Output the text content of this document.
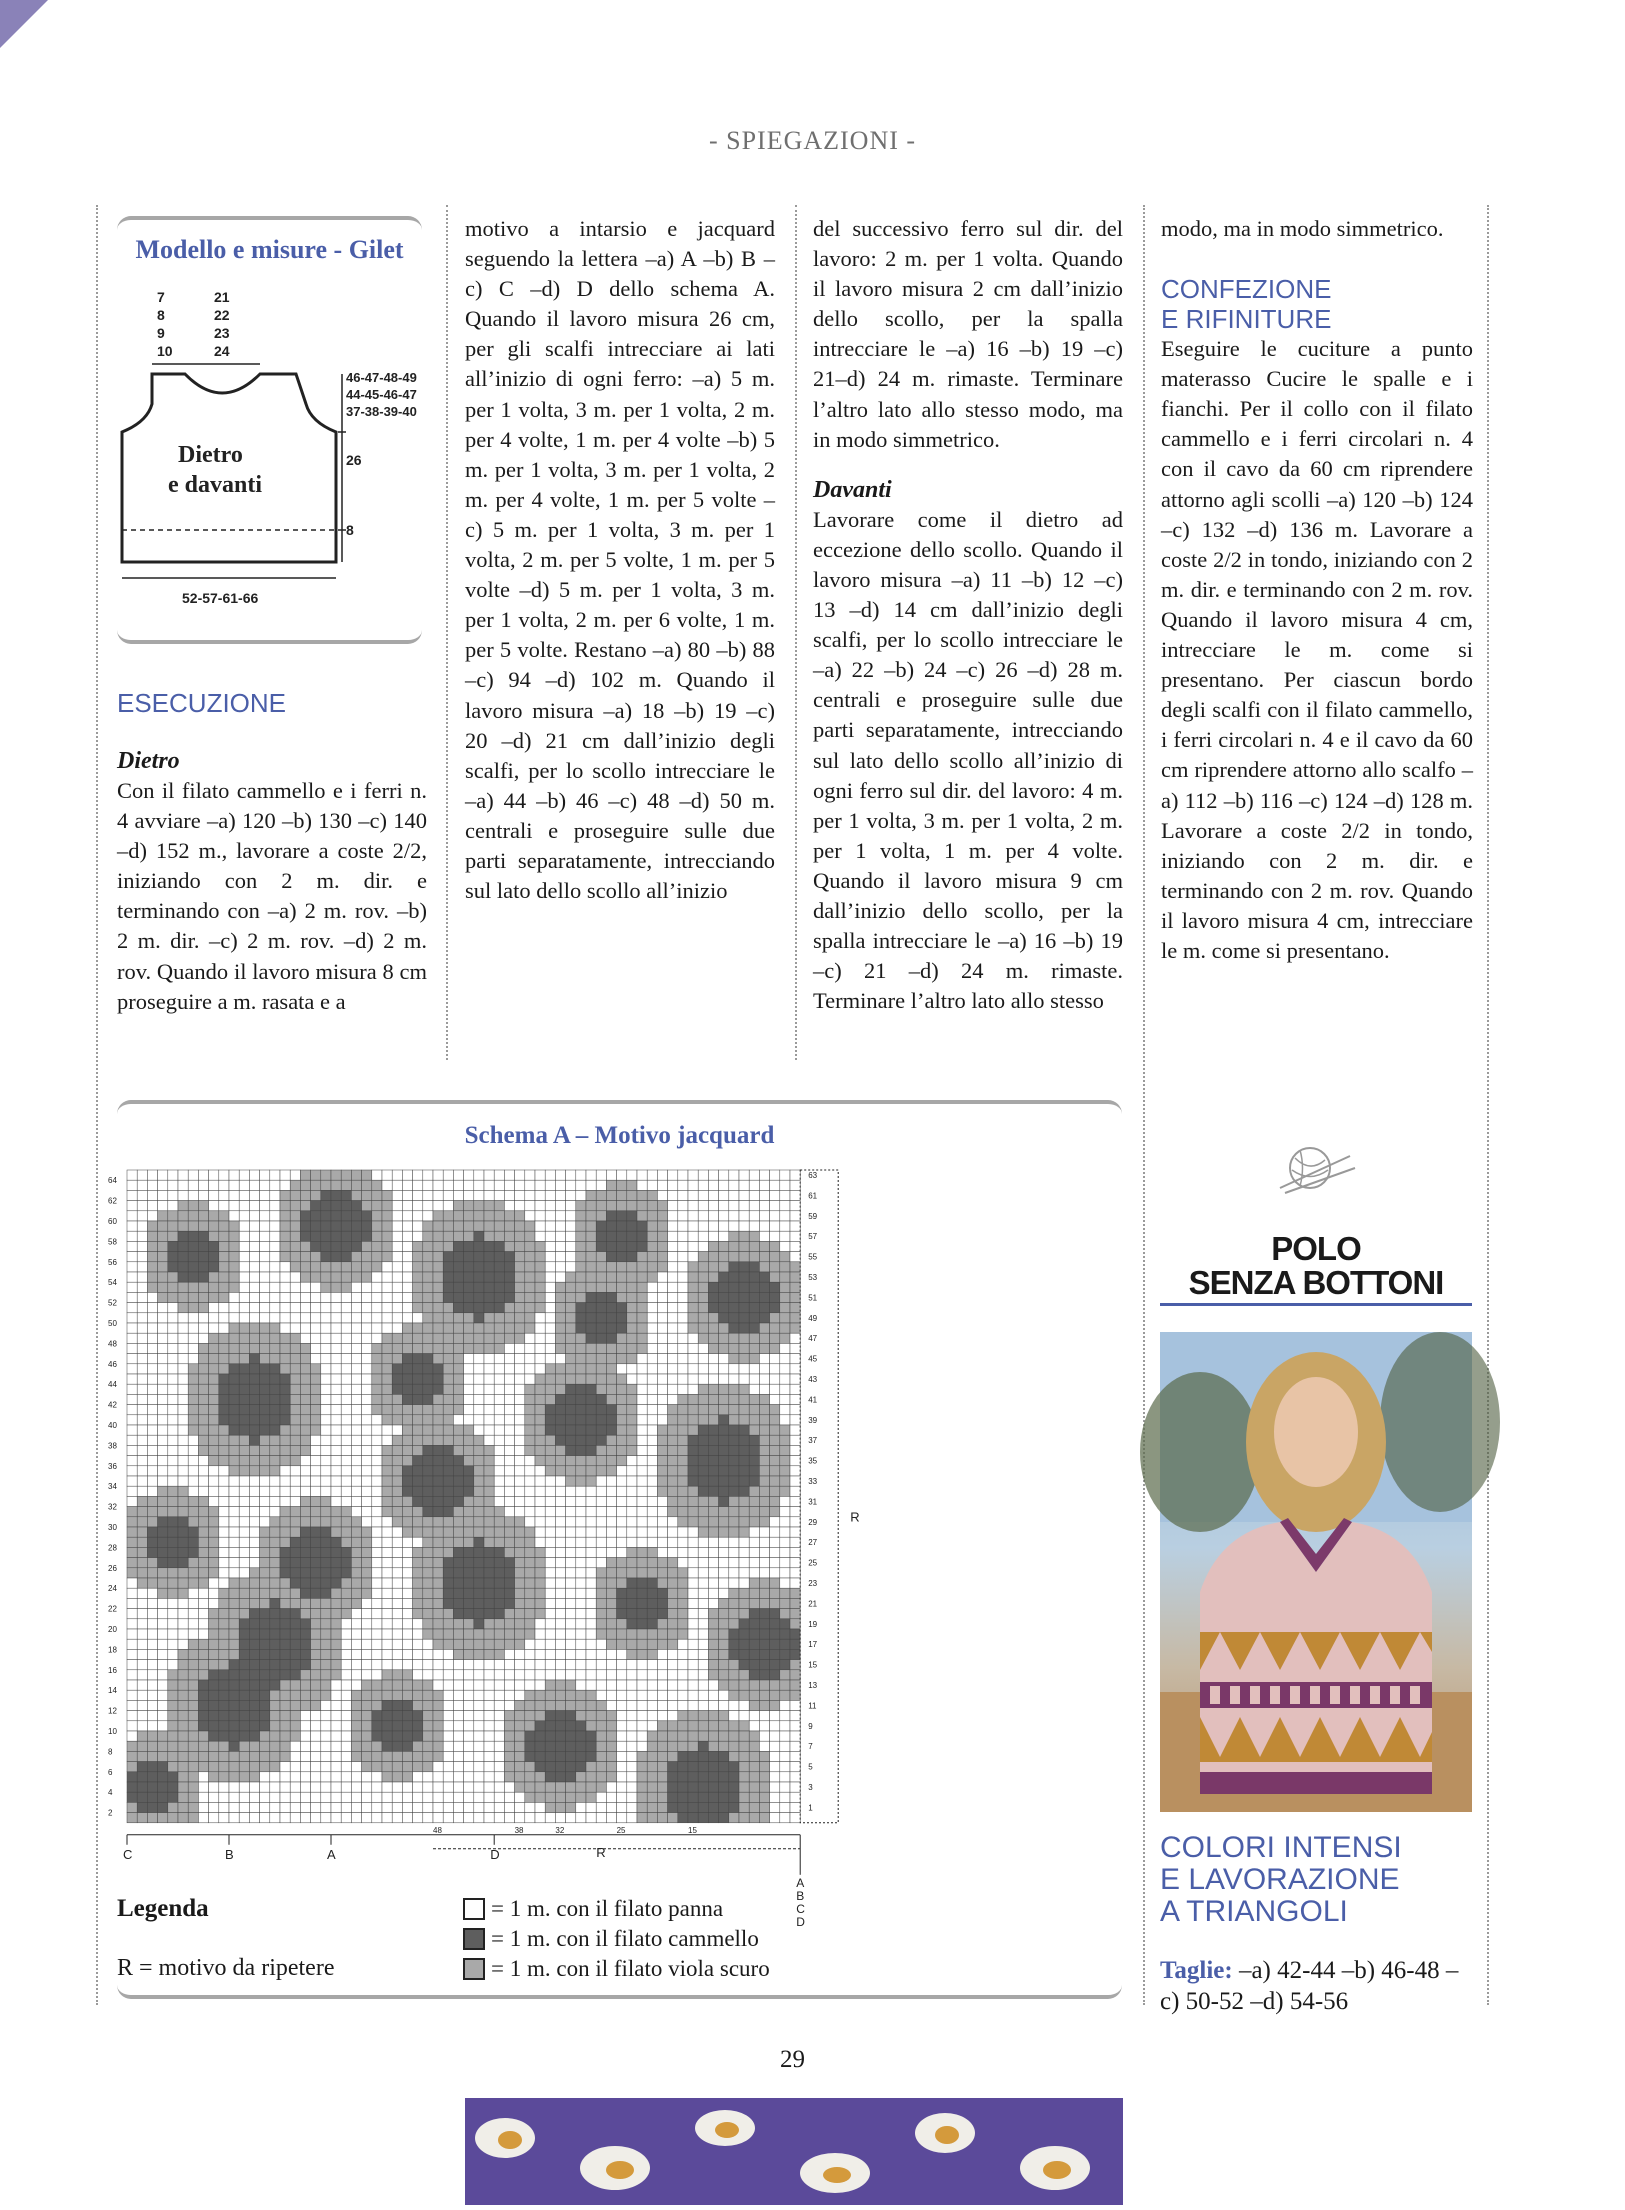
- SPIEGAZIONI -
Modello e misure - Gilet
7
8
9
10
21
22
23
24
46-47-48-49
44-45-46-47
37-38-39-40
26
8
52-57-61-66
Dietro
e davanti
ESECUZIONE
Dietro

Con il filato cammello e i ferri n. 4 avviare –a) 120 –b) 130 –c) 140 –d) 152 m., lavorare a coste 2/2, iniziando con 2 m. dir. e terminando con –a) 2 m. rov. –b) 2 m. dir. –c) 2 m. rov. –d) 2 m. rov. Quando il lavoro misura 8 cm proseguire a m. rasata e a

motivo a intarsio e jacquard seguendo la lettera –a) A –b) B –c) C –d) D dello schema A. Quando il lavoro misura 26 cm, per gli scalfi intrecciare ai lati all’inizio di ogni ferro: –a) 5 m. per 1 volta, 3 m. per 1 volta, 2 m. per 4 volte, 1 m. per 4 volte –b) 5 m. per 1 volta, 3 m. per 1 volta, 2 m. per 4 volte, 1 m. per 5 volte –c) 5 m. per 1 volta, 3 m. per 1 volta, 2 m. per 5 volte, 1 m. per 5 volte –d) 5 m. per 1 volta, 3 m. per 1 volta, 2 m. per 6 volte, 1 m. per 5 volte. Restano –a) 80 –b) 88 –c) 94 –d) 102 m. Quando il lavoro misura –a) 18 –b) 19 –c) 20 –d) 21 cm dall’inizio degli scalfi, per lo scollo intrecciare le –a) 44 –b) 46 –c) 48 –d) 50 m. centrali e proseguire sulle due parti separatamente, intrecciando sul lato dello scollo all’inizio

del successivo ferro sul dir. del lavoro: 2 m. per 1 volta. Quando il lavoro misura 2 cm dall’inizio dello scollo, per la spalla intrecciare le –a) 16 –b) 19 –c) 21–d) 24 m. rimaste. Terminare l’altro lato allo stesso modo, ma in modo simmetrico.

Davanti

Lavorare come il dietro ad eccezione dello scollo. Quando il lavoro misura –a) 11 –b) 12 –c) 13 –d) 14 cm dall’inizio degli scalfi, per lo scollo intrecciare le –a) 22 –b) 24 –c) 26 –d) 28 m. centrali e proseguire sulle due parti separatamente, intrecciando sul lato dello scollo all’inizio di ogni ferro sul dir. del lavoro: 4 m. per 1 volta, 3 m. per 1 volta, 2 m. per 1 volta, 1 m. per 4 volte. Quando il lavoro misura 9 cm dall’inizio dello scollo, per la spalla intrecciare le –a) 16 –b) 19 –c) 21 –d) 24 m. rimaste. Terminare l’altro lato allo stesso

modo, ma in modo simmetrico.

CONFEZIONE
E RIFINITURE

Eseguire le cuciture a punto materasso Cucire le spalle e i fianchi. Per il collo con il filato cammello e i ferri circolari n. 4 con il cavo da 60 cm riprendere attorno agli scolli –a) 120 –b) 124 –c) 132 –d) 136 m. Lavorare a coste 2/2 in tondo, iniziando con 2 m. dir. e terminando con 2 m. rov. Quando il lavoro misura 4 cm, intrecciare le m. come si presentano. Per ciascun bordo degli scalfi con il filato cammello, i ferri circolari n. 4 e il cavo da 60 cm riprendere attorno allo scalfo –a) 112 –b) 116 –c) 124 –d) 128 m. Lavorare a coste 2/2 in tondo, iniziando con 2 m. dir. e terminando con 2 m. rov. Quando il lavoro misura 4 cm, intrecciare le m. come si presentano.

POLO
SENZA BOTTONI
COLORI INTENSI
E LAVORAZIONE
A TRIANGOLI
Taglie: –a) 42-44 –b) 46-48 –c) 50-52 –d) 54-56
Schema A – Motivo jacquard
64
62
60
58
56
54
52
50
48
46
44
42
40
38
36
34
32
30
28
26
24
22
20
18
16
14
12
10
8
6
4
2
63
61
59
57
55
53
51
49
47
45
43
41
39
37
35
33
31
29
27
25
23
21
19
17
15
13
11
9
7
5
3
1
R
C	B	A	D
48	38	32	25	15
R
A
B
C
D
Legenda
R = motivo da ripetere
= 1 m. con il filato panna
= 1 m. con il filato cammello
= 1 m. con il filato viola scuro
29
